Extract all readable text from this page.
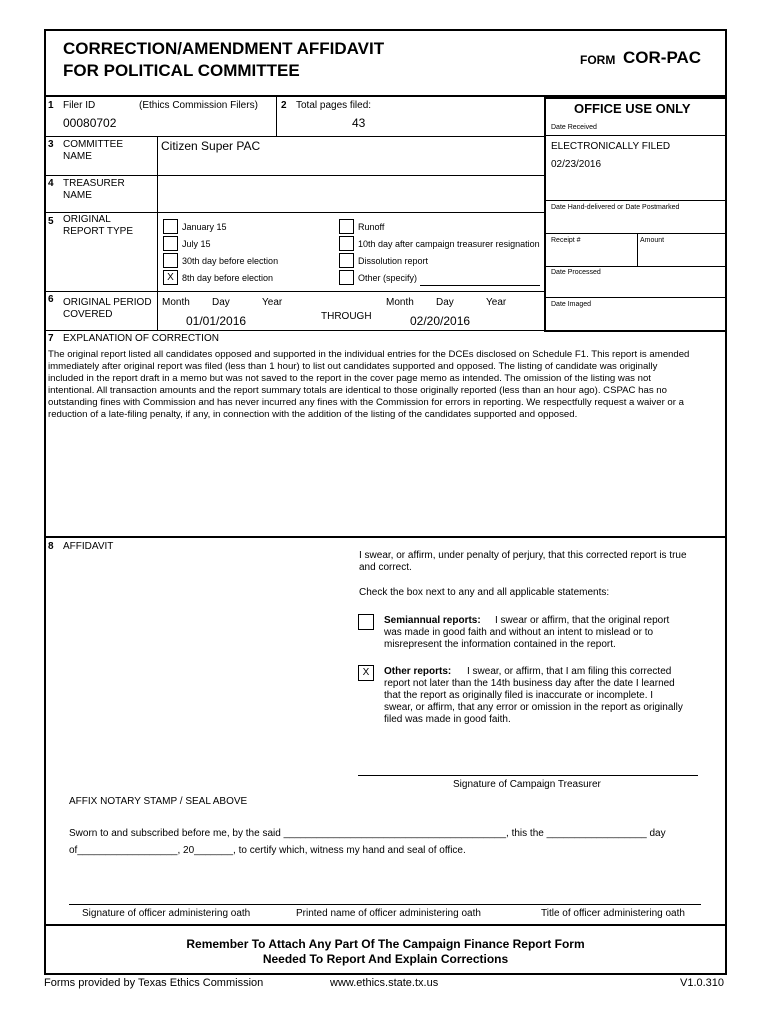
CORRECTION/AMENDMENT AFFIDAVIT
FOR POLITICAL COMMITTEE
FORM COR-PAC
1 Filer ID	(Ethics Commission Filers)
00080702
2 Total pages filed:
43
3 COMMITTEE
NAME
Citizen Super PAC
4 TREASURER
NAME
5 ORIGINAL
REPORT TYPE	January 15
July 15
30th day before election
X 8th day before election
Runoff
10th day after campaign treasurer resignation
Dissolution report
Other (specify)
6 ORIGINAL PERIOD
COVERED
Month Day	Year	Month Day	Year
01/01/2016	THROUGH	02/20/2016
OFFICE USE ONLY
Date Received
ELECTRONICALLY FILED
02/23/2016
Date Hand-delivered or Date Postmarked
Receipt #	Amount
Date Processed
Date Imaged
7 EXPLANATION OF CORRECTION
The original report listed all candidates opposed and supported in the individual entries for the DCEs disclosed on Schedule F1. This report is amended
immediately after original report was filed (less than 1 hour) to list out candidates supported and opposed. The listing of candidate was originally
included in the report draft in a memo but was not saved to the report in the cover page memo as intended. The omission of the listing was not
intentional. All transaction amounts and the report summary totals are identical to those originally reported (less than an hour ago). CSPAC has no
outstanding fines with Commission and has never incurred any fines with the Commission for errors in reporting. We respectfully request a waiver or a
reduction of a late-filing penalty, if any, in connection with the addition of the listing of the candidates supported and opposed.
8 AFFIDAVIT
I swear, or affirm, under penalty of perjury, that this corrected report is true
and correct.
Check the box next to any and all applicable statements:
Semiannual reports: I swear or affirm, that the original report
was made in good faith and without an intent to mislead or to
misrepresent the information contained in the report.
X	Other reports: I swear, or affirm, that I am filing this corrected
report not later than the 14th business day after the date I learned
that the report as originally filed is inaccurate or incomplete. I
swear, or affirm, that any error or omission in the report as originally
filed was made in good faith.
Signature of Campaign Treasurer
AFFIX NOTARY STAMP / SEAL ABOVE
Sworn to and subscribed before me, by the said ________________________________________, this the __________________ day
of__________________, 20_______, to certify which, witness my hand and seal of office.
Signature of officer administering oath	Printed name of officer administering oath	Title of officer administering oath
Remember To Attach Any Part Of The Campaign Finance Report Form
Needed To Report And Explain Corrections
Forms provided by Texas Ethics Commission	www.ethics.state.tx.us	V1.0.310
